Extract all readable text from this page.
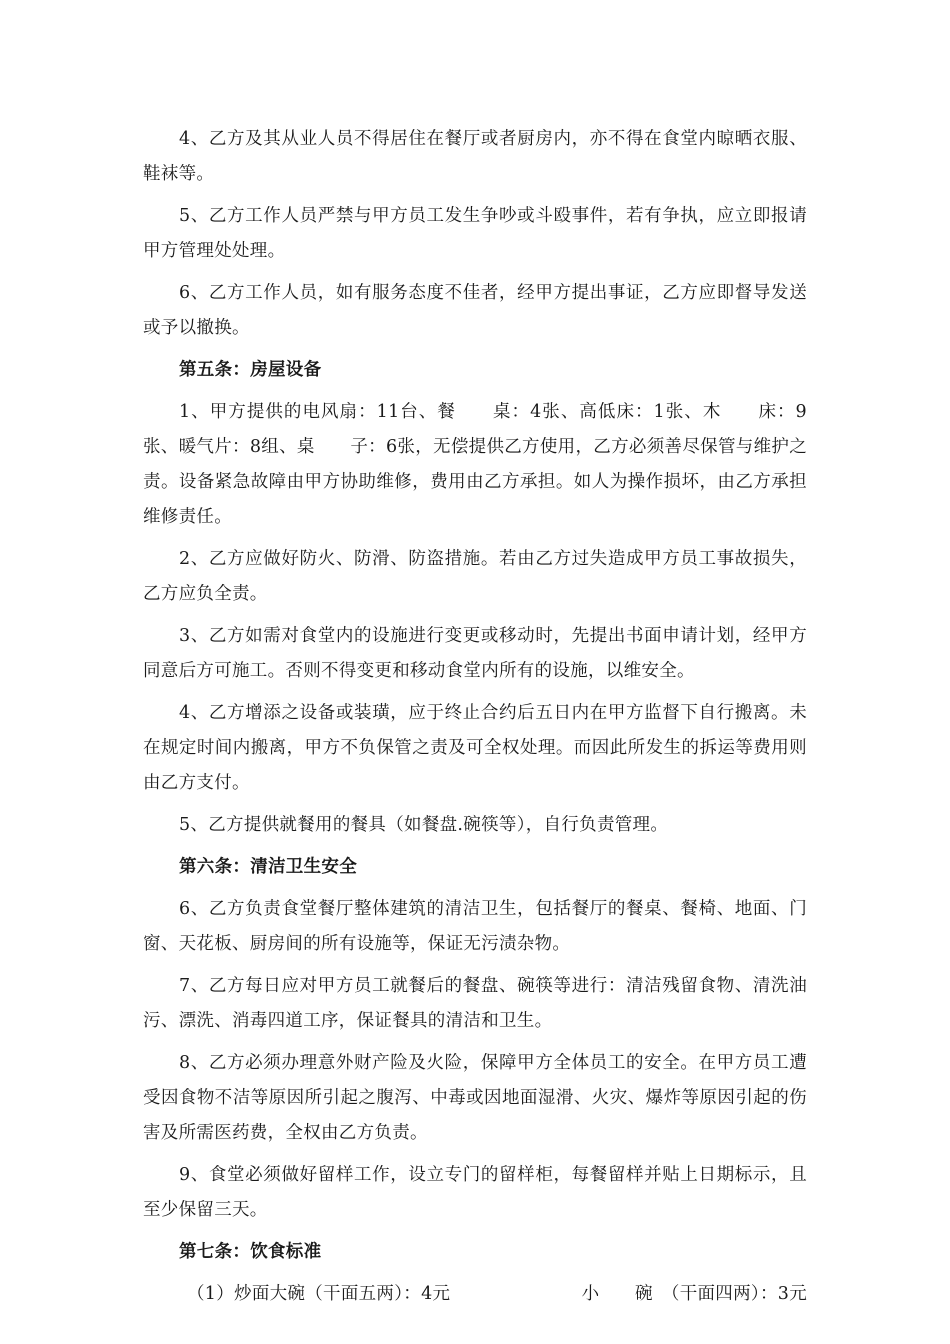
4、乙方及其从业人员不得居住在餐厅或者厨房内，亦不得在食堂内晾晒衣服、鞋袜等。

5、乙方工作人员严禁与甲方员工发生争吵或斗殴事件，若有争执，应立即报请甲方管理处处理。

6、乙方工作人员，如有服务态度不佳者，经甲方提出事证，乙方应即督导发送或予以撤换。

第五条：房屋设备

1、甲方提供的电风扇：11台、餐　　桌：4张、高低床：1张、木　　床：9张、暖气片：8组、桌　　子：6张，无偿提供乙方使用，乙方必须善尽保管与维护之责。设备紧急故障由甲方协助维修，费用由乙方承担。如人为操作损坏，由乙方承担维修责任。

2、乙方应做好防火、防滑、防盗措施。若由乙方过失造成甲方员工事故损失，乙方应负全责。

3、乙方如需对食堂内的设施进行变更或移动时，先提出书面申请计划，经甲方同意后方可施工。否则不得变更和移动食堂内所有的设施，以维安全。

4、乙方增添之设备或装璜，应于终止合约后五日内在甲方监督下自行搬离。未在规定时间内搬离，甲方不负保管之责及可全权处理。而因此所发生的拆运等费用则由乙方支付。

5、乙方提供就餐用的餐具（如餐盘.碗筷等），自行负责管理。

第六条：清洁卫生安全

6、乙方负责食堂餐厅整体建筑的清洁卫生，包括餐厅的餐桌、餐椅、地面、门窗、天花板、厨房间的所有设施等，保证无污渍杂物。

7、乙方每日应对甲方员工就餐后的餐盘、碗筷等进行：清洁残留食物、清洗油污、漂洗、消毒四道工序，保证餐具的清洁和卫生。

8、乙方必须办理意外财产险及火险，保障甲方全体员工的安全。在甲方员工遭受因食物不洁等原因所引起之腹泻、中毒或因地面湿滑、火灾、爆炸等原因引起的伤害及所需医药费，全权由乙方负责。

9、食堂必须做好留样工作，设立专门的留样柜，每餐留样并贴上日期标示，且至少保留三天。

第七条：饮食标准

（1）炒面大碗（干面五两）：4元	小　　碗　（干面四两）：3元
